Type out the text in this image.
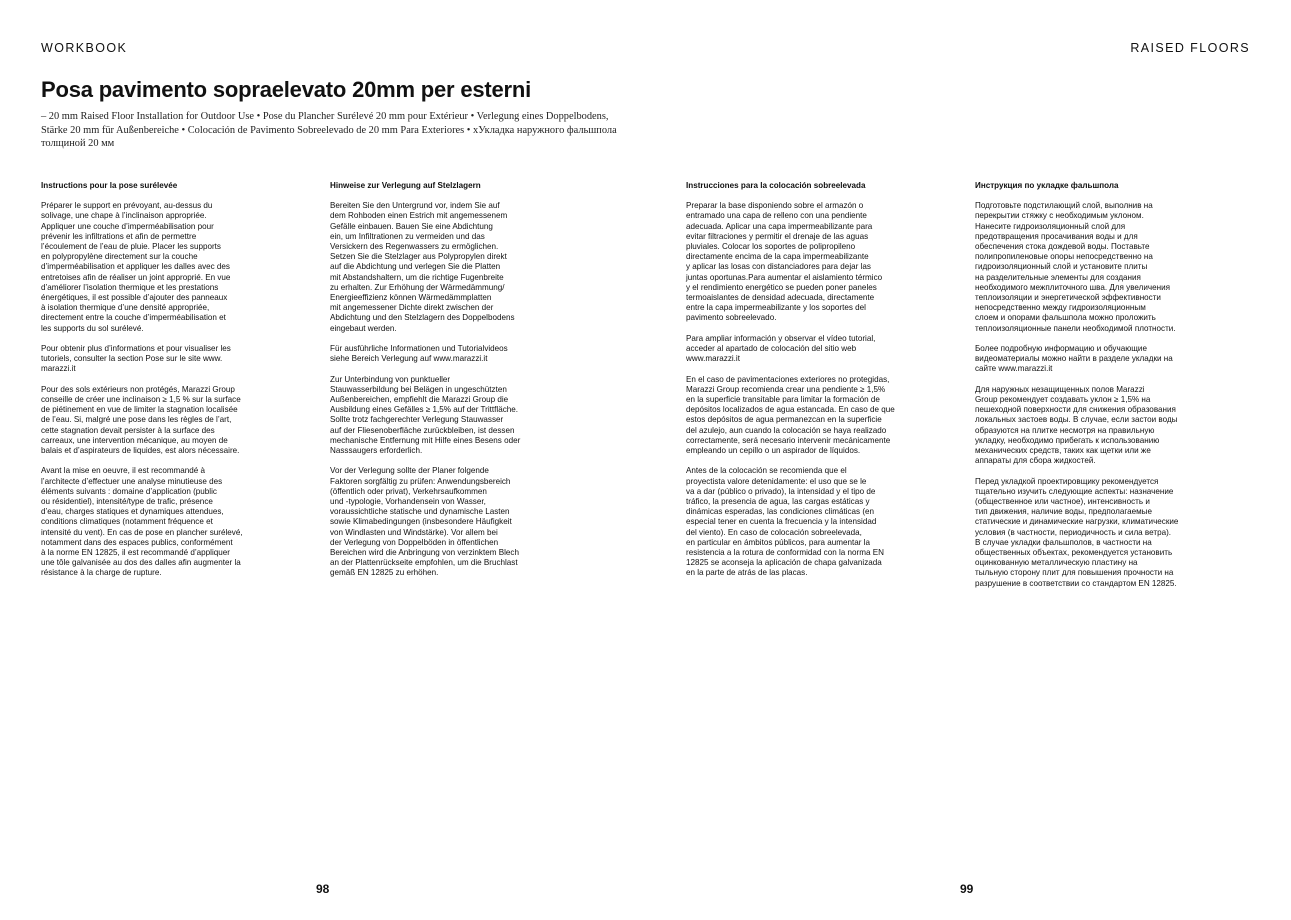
WORKBOOK	RAISED FLOORS
Posa pavimento sopraelevato 20mm per esterni
– 20 mm Raised Floor Installation for Outdoor Use • Pose du Plancher Surélevé 20 mm pour Extérieur • Verlegung eines Doppelbodens, Stärke 20 mm für Außenbereiche • Colocación de Pavimento Sobreelevado de 20 mm Para Exteriores • хУкладка наружного фальшпола толщиной 20 мм
Instructions pour la pose surélevée

Préparer le support en prévoyant, au-dessus du
solivage, une chape à l’inclinaison appropriée.
Appliquer une couche d’imperméabilisation pour
prévenir les infiltrations et afin de permettre
l’écoulement de l’eau de pluie. Placer les supports
en polypropylène directement sur la couche
d’imperméabilisation et appliquer les dalles avec des
entretoises afin de réaliser un joint approprié. En vue
d’améliorer l’isolation thermique et les prestations
énergétiques, il est possible d’ajouter des panneaux
à isolation thermique d’une densité appropriée,
directement entre la couche d’imperméabilisation et
les supports du sol surélevé.

Pour obtenir plus d’informations et pour visualiser les
tutoriels, consulter la section Pose sur le site www.
marazzi.it

Pour des sols extérieurs non protégés, Marazzi Group
conseille de créer une inclinaison ≥ 1,5 % sur la surface
de piétinement en vue de limiter la stagnation localisée
de l’eau. Si, malgré une pose dans les règles de l’art,
cette stagnation devait persister à la surface des
carreaux, une intervention mécanique, au moyen de
balais et d’aspirateurs de liquides, est alors nécessaire.

Avant la mise en oeuvre, il est recommandé à
l’architecte d’effectuer une analyse minutieuse des
éléments suivants : domaine d’application (public
ou résidentiel), intensité/type de trafic, présence
d’eau, charges statiques et dynamiques attendues,
conditions climatiques (notamment fréquence et
intensité du vent). En cas de pose en plancher surélevé,
notamment dans des espaces publics, conformément
à la norme EN 12825, il est recommandé d’appliquer
une tôle galvanisée au dos des dalles afin augmenter la
résistance à la charge de rupture.

Hinweise zur Verlegung auf Stelzlagern

Bereiten Sie den Untergrund vor, indem Sie auf
dem Rohboden einen Estrich mit angemessenem
Gefälle einbauen. Bauen Sie eine Abdichtung
ein, um Infiltrationen zu vermeiden und das
Versickern des Regenwassers zu ermöglichen.
Setzen Sie die Stelzlager aus Polypropylen direkt
auf die Abdichtung und verlegen Sie die Platten
mit Abstandshaltern, um die richtige Fugenbreite
zu erhalten. Zur Erhöhung der Wärmedämmung/
Energieeffizienz können Wärmedämmplatten
mit angemessener Dichte direkt zwischen der
Abdichtung und den Stelzlagern des Doppelbodens
eingebaut werden.

Für ausführliche Informationen und Tutorialvideos
siehe Bereich Verlegung auf www.marazzi.it

Zur Unterbindung von punktueller
Stauwasserbildung bei Belägen in ungeschützten
Außenbereichen, empfiehlt die Marazzi Group die
Ausbildung eines Gefälles ≥ 1,5% auf der Trittfläche.
Sollte trotz fachgerechter Verlegung Stauwasser
auf der Fliesenoberfläche zurückbleiben, ist dessen
mechanische Entfernung mit Hilfe eines Besens oder
Nasssaugers erforderlich.

Vor der Verlegung sollte der Planer folgende
Faktoren sorgfältig zu prüfen: Anwendungsbereich
(öffentlich oder privat), Verkehrsaufkommen
und -typologie, Vorhandensein von Wasser,
voraussichtliche statische und dynamische Lasten
sowie Klimabedingungen (insbesondere Häufigkeit
von Windlasten und Windstärke). Vor allem bei
der Verlegung von Doppelböden in öffentlichen
Bereichen wird die Anbringung von verzinktem Blech
an der Plattenrückseite empfohlen, um die Bruchlast
gemäß EN 12825 zu erhöhen.

Instrucciones para la colocación sobreelevada

Preparar la base disponiendo sobre el armazón o
entramado una capa de relleno con una pendiente
adecuada. Aplicar una capa impermeabilizante para
evitar filtraciones y permitir el drenaje de las aguas
pluviales. Colocar los soportes de polipropileno
directamente encima de la capa impermeabilizante
y aplicar las losas con distanciadores para dejar las
juntas oportunas.Para aumentar el aislamiento térmico
y el rendimiento energético se pueden poner paneles
termoaislantes de densidad adecuada, directamente
entre la capa impermeabilizante y los soportes del
pavimento sobreelevado.

Para ampliar información y observar el vídeo tutorial,
acceder al apartado de colocación del sitio web
www.marazzi.it

En el caso de pavimentaciones exteriores no protegidas,
Marazzi Group recomienda crear una pendiente ≥ 1,5%
en la superficie transitable para limitar la formación de
depósitos localizados de agua estancada. En caso de que
estos depósitos de agua permanezcan en la superficie
del azulejo, aun cuando la colocación se haya realizado
correctamente, será necesario intervenir mecánicamente
empleando un cepillo o un aspirador de líquidos.

Antes de la colocación se recomienda que el
proyectista valore detenidamente: el uso que se le
va a dar (público o privado), la intensidad y el tipo de
tráfico, la presencia de agua, las cargas estáticas y
dinámicas esperadas, las condiciones climáticas (en
especial tener en cuenta la frecuencia y la intensidad
del viento). En caso de colocación sobreelevada,
en particular en ámbitos públicos, para aumentar la
resistencia a la rotura de conformidad con la norma EN
12825 se aconseja la aplicación de chapa galvanizada
en la parte de atrás de las placas.

Инструкция по укладке фальшпола

Подготовьте подстилающий слой, выполнив на
перекрытии стяжку с необходимым уклоном.
Нанесите гидроизоляционный слой для
предотвращения просачивания воды и для
обеспечения стока дождевой воды. Поставьте
полипропиленовые опоры непосредственно на
гидроизоляционный слой и установите плиты
на разделительные элементы для создания
необходимого межплиточного шва. Для увеличения
теплоизоляции и энергетической эффективности
непосредственно между гидроизоляционным
слоем и опорами фальшпола можно проложить
теплоизоляционные панели необходимой плотности.

Более подробную информацию и обучающие
видеоматериалы можно найти в разделе укладки на
сайте www.marazzi.it

Для наружных незащищенных полов Marazzi
Group рекомендует создавать уклон ≥ 1,5% на
пешеходной поверхности для снижения образования
локальных застоев воды. В случае, если застои воды
образуются на плитке несмотря на правильную
укладку, необходимо прибегать к использованию
механических средств, таких как щетки или же
аппараты для сбора жидкостей.

Перед укладкой проектировщику рекомендуется
тщательно изучить следующие аспекты: назначение
(общественное или частное), интенсивность и
тип движения, наличие воды, предполагаемые
статические и динамические нагрузки, климатические
условия (в частности, периодичность и сила ветра).
В случае укладки фальшполов, в частности на
общественных объектах, рекомендуется установить
оцинкованную металлическую пластину на
тыльную сторону плит для повышения прочности на
разрушение в соответствии со стандартом EN 12825.

98	99
